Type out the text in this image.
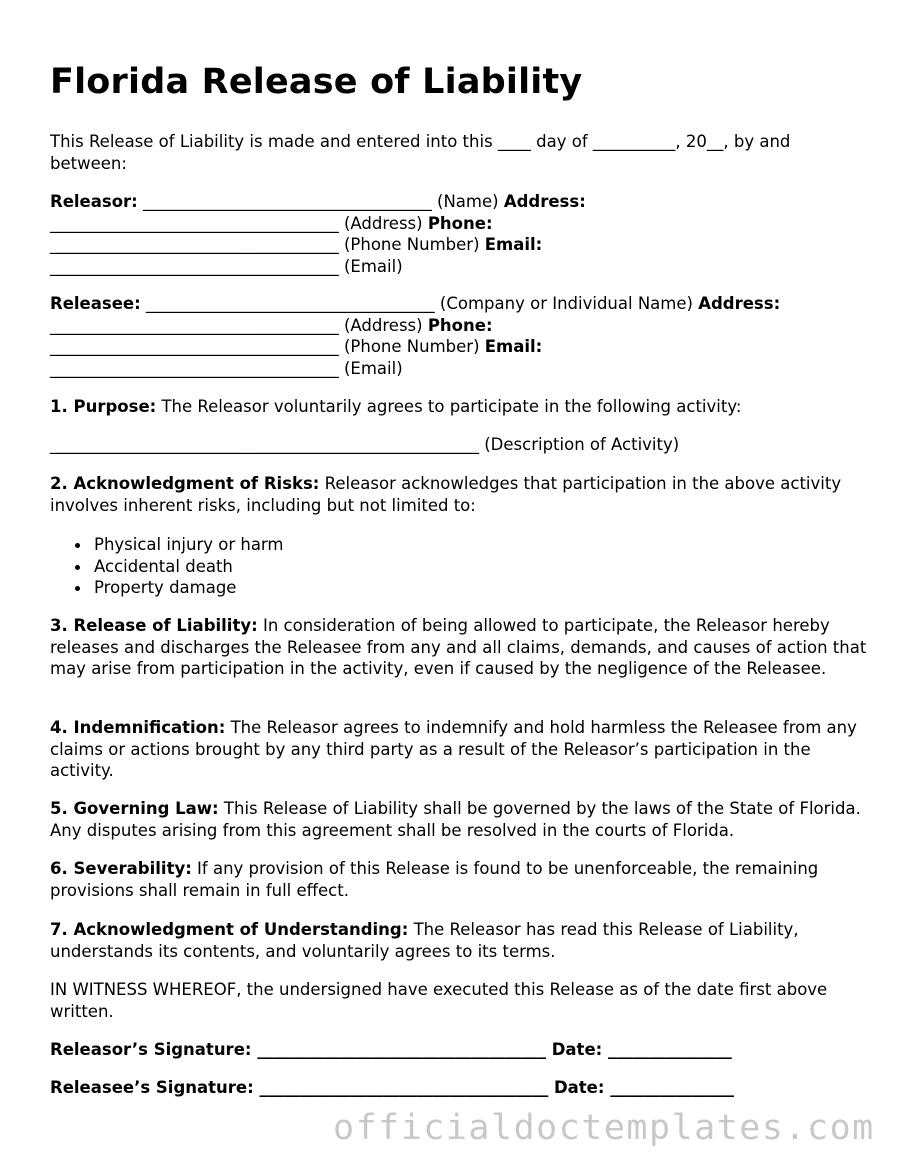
Florida Release of Liability
This Release of Liability is made and entered into this ____ day of __________, 20__, by and between:
Releasor: ___________________________________ (Name) Address:
___________________________________ (Address) Phone:
___________________________________ (Phone Number) Email:
___________________________________ (Email)
Releasee: ___________________________________ (Company or Individual Name) Address:
___________________________________ (Address) Phone:
___________________________________ (Phone Number) Email:
___________________________________ (Email)
1. Purpose: The Releasor voluntarily agrees to participate in the following activity:
____________________________________________________ (Description of Activity)
2. Acknowledgment of Risks: Releasor acknowledges that participation in the above activity involves inherent risks, including but not limited to:
Physical injury or harm
Accidental death
Property damage
3. Release of Liability: In consideration of being allowed to participate, the Releasor hereby releases and discharges the Releasee from any and all claims, demands, and causes of action that may arise from participation in the activity, even if caused by the negligence of the Releasee.
4. Indemnification: The Releasor agrees to indemnify and hold harmless the Releasee from any claims or actions brought by any third party as a result of the Releasor’s participation in the activity.
5. Governing Law: This Release of Liability shall be governed by the laws of the State of Florida. Any disputes arising from this agreement shall be resolved in the courts of Florida.
6. Severability: If any provision of this Release is found to be unenforceable, the remaining provisions shall remain in full effect.
7. Acknowledgment of Understanding: The Releasor has read this Release of Liability, understands its contents, and voluntarily agrees to its terms.
IN WITNESS WHEREOF, the undersigned have executed this Release as of the date first above written.
Releasor’s Signature: ___________________________________ Date: _______________
Releasee’s Signature: ___________________________________ Date: _______________
officialdoctemplates.com
